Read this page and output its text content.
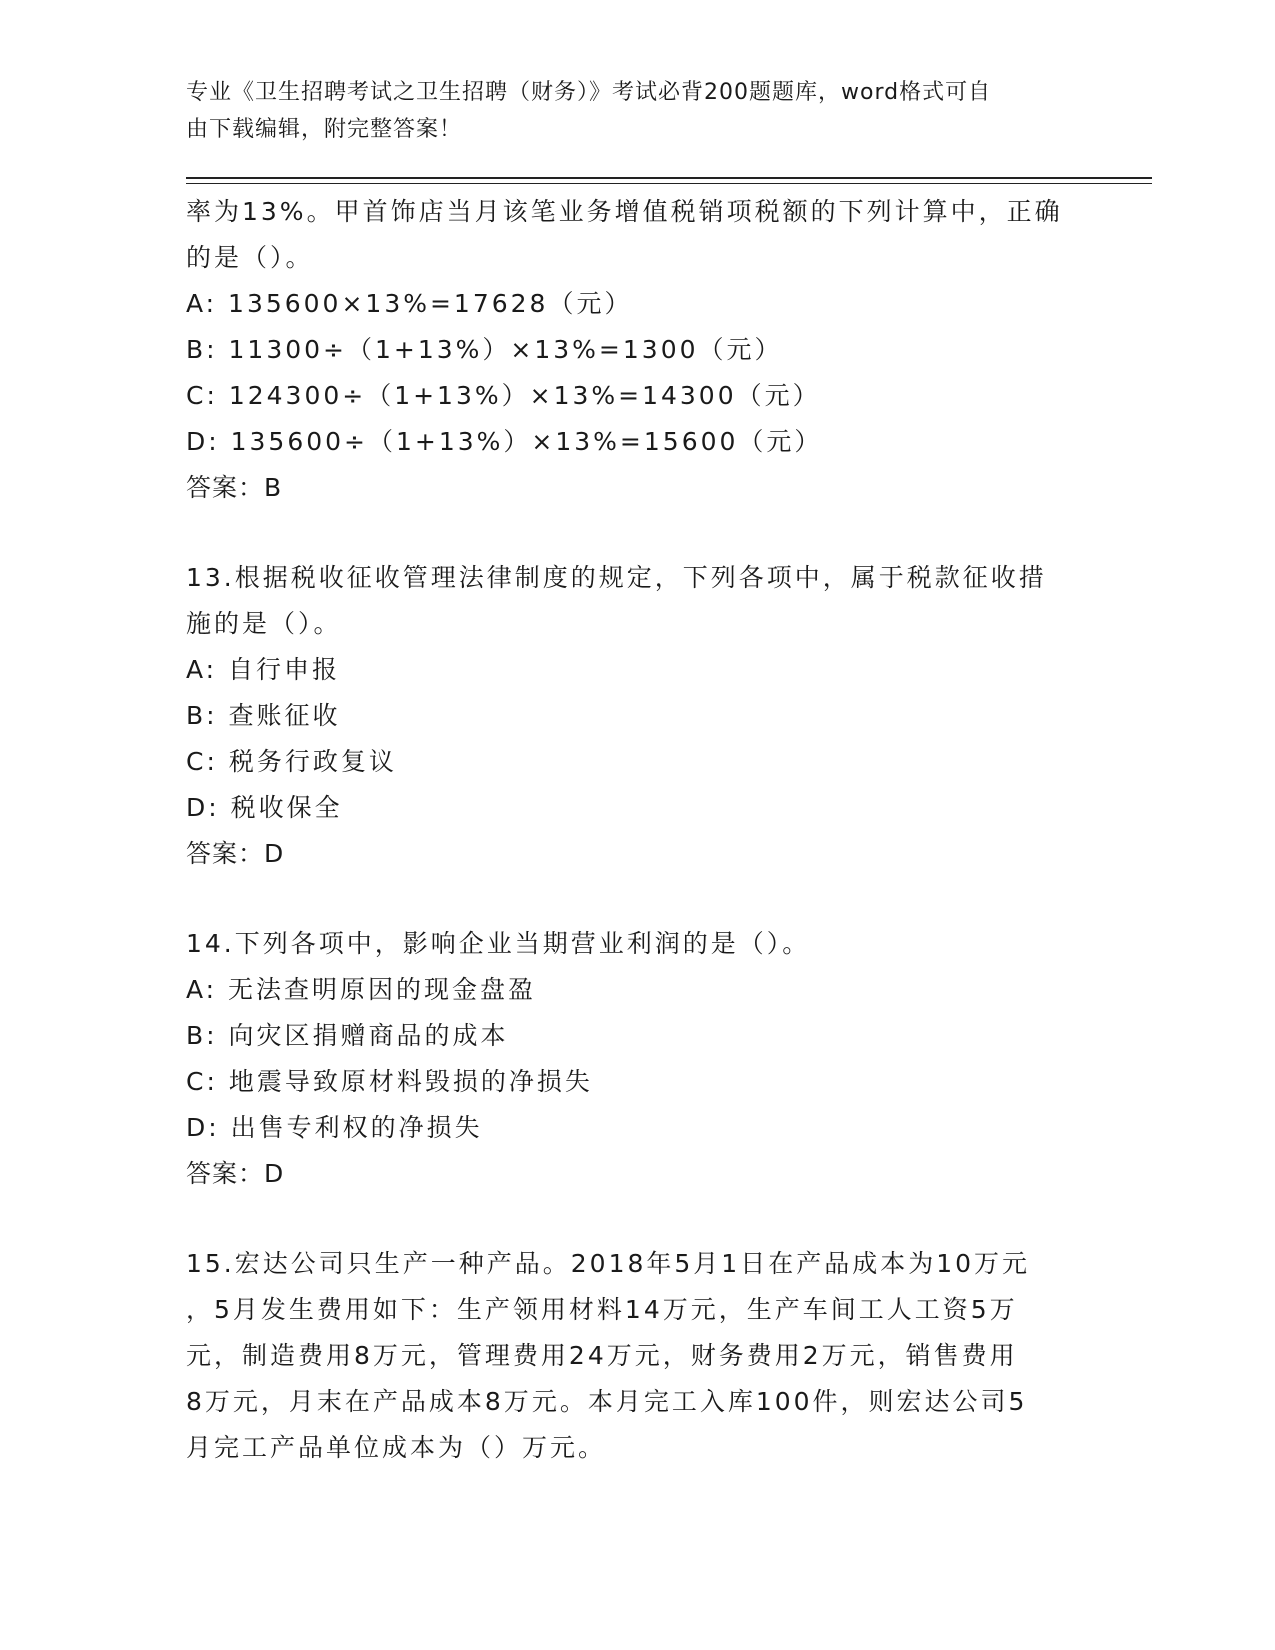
专业《卫生招聘考试之卫生招聘（财务）》考试必背200题题库，word格式可自
由下载编辑，附完整答案！
率为13%。甲首饰店当月该笔业务增值税销项税额的下列计算中，正确
的是（）。
A: 135600×13%=17628（元）
B: 11300÷（1+13%）×13%=1300（元）
C: 124300÷（1+13%）×13%=14300（元）
D: 135600÷（1+13%）×13%=15600（元）
答案：B
13.根据税收征收管理法律制度的规定，下列各项中，属于税款征收措
施的是（）。
A: 自行申报
B: 查账征收
C: 税务行政复议
D: 税收保全
答案：D
14.下列各项中，影响企业当期营业利润的是（）。
A: 无法查明原因的现金盘盈
B: 向灾区捐赠商品的成本
C: 地震导致原材料毁损的净损失
D: 出售专利权的净损失
答案：D
15.宏达公司只生产一种产品。2018年5月1日在产品成本为10万元
，5月发生费用如下：生产领用材料14万元，生产车间工人工资5万
元，制造费用8万元，管理费用24万元，财务费用2万元，销售费用
8万元，月末在产品成本8万元。本月完工入库100件，则宏达公司5
月完工产品单位成本为（）万元。
